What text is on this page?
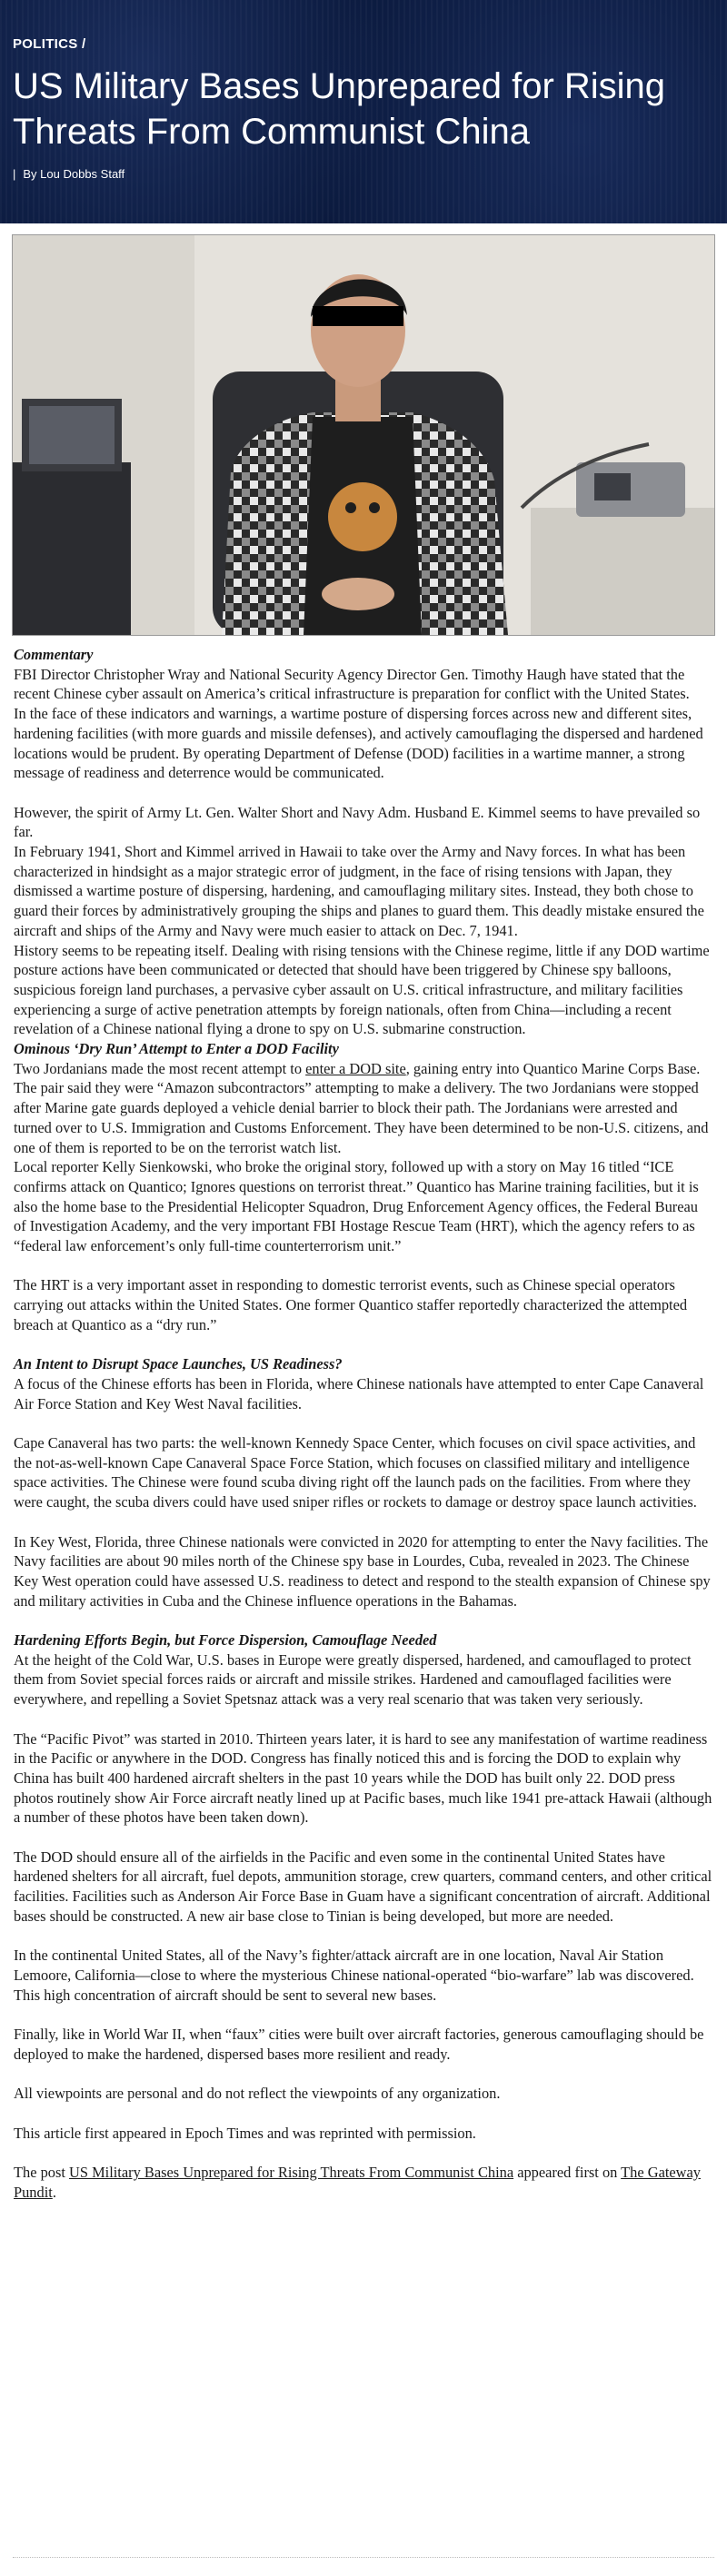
POLITICS /
US Military Bases Unprepared for Rising Threats From Communist China
| By Lou Dobbs Staff

Commentary

FBI Director Christopher Wray and National Security Agency Director Gen. Timothy Haugh have stated that the recent Chinese cyber assault on America’s critical infrastructure is preparation for conflict with the United States.

In the face of these indicators and warnings, a wartime posture of dispersing forces across new and different sites, hardening facilities (with more guards and missile defenses), and actively camouflaging the dispersed and hardened locations would be prudent. By operating Department of Defense (DOD) facilities in a wartime manner, a strong message of readiness and deterrence would be communicated.

However, the spirit of Army Lt. Gen. Walter Short and Navy Adm. Husband E. Kimmel seems to have prevailed so far.

In February 1941, Short and Kimmel arrived in Hawaii to take over the Army and Navy forces. In what has been characterized in hindsight as a major strategic error of judgment, in the face of rising tensions with Japan, they dismissed a wartime posture of dispersing, hardening, and camouflaging military sites. Instead, they both chose to guard their forces by administratively grouping the ships and planes to guard them. This deadly mistake ensured the aircraft and ships of the Army and Navy were much easier to attack on Dec. 7, 1941.

History seems to be repeating itself. Dealing with rising tensions with the Chinese regime, little if any DOD wartime posture actions have been communicated or detected that should have been triggered by Chinese spy balloons, suspicious foreign land purchases, a pervasive cyber assault on U.S. critical infrastructure, and military facilities experiencing a surge of active penetration attempts by foreign nationals, often from China—including a recent revelation of a Chinese national flying a drone to spy on U.S. submarine construction.

Ominous ‘Dry Run’ Attempt to Enter a DOD Facility

Two Jordanians made the most recent attempt to enter a DOD site, gaining entry into Quantico Marine Corps Base. The pair said they were “Amazon subcontractors” attempting to make a delivery. The two Jordanians were stopped after Marine gate guards deployed a vehicle denial barrier to block their path. The Jordanians were arrested and turned over to U.S. Immigration and Customs Enforcement. They have been determined to be non-U.S. citizens, and one of them is reported to be on the terrorist watch list.

Local reporter Kelly Sienkowski, who broke the original story, followed up with a story on May 16 titled “ICE confirms attack on Quantico; Ignores questions on terrorist threat.” Quantico has Marine training facilities, but it is also the home base to the Presidential Helicopter Squadron, Drug Enforcement Agency offices, the Federal Bureau of Investigation Academy, and the very important FBI Hostage Rescue Team (HRT), which the agency refers to as “federal law enforcement’s only full-time counterterrorism unit.”

The HRT is a very important asset in responding to domestic terrorist events, such as Chinese special operators carrying out attacks within the United States. One former Quantico staffer reportedly characterized the attempted breach at Quantico as a “dry run.”

An Intent to Disrupt Space Launches, US Readiness?

A focus of the Chinese efforts has been in Florida, where Chinese nationals have attempted to enter Cape Canaveral Air Force Station and Key West Naval facilities.

Cape Canaveral has two parts: the well-known Kennedy Space Center, which focuses on civil space activities, and the not-as-well-known Cape Canaveral Space Force Station, which focuses on classified military and intelligence space activities. The Chinese were found scuba diving right off the launch pads on the facilities. From where they were caught, the scuba divers could have used sniper rifles or rockets to damage or destroy space launch activities.

In Key West, Florida, three Chinese nationals were convicted in 2020 for attempting to enter the Navy facilities. The Navy facilities are about 90 miles north of the Chinese spy base in Lourdes, Cuba, revealed in 2023. The Chinese Key West operation could have assessed U.S. readiness to detect and respond to the stealth expansion of Chinese spy and military activities in Cuba and the Chinese influence operations in the Bahamas.

Hardening Efforts Begin, but Force Dispersion, Camouflage Needed

At the height of the Cold War, U.S. bases in Europe were greatly dispersed, hardened, and camouflaged to protect them from Soviet special forces raids or aircraft and missile strikes. Hardened and camouflaged facilities were everywhere, and repelling a Soviet Spetsnaz attack was a very real scenario that was taken very seriously.

The “Pacific Pivot” was started in 2010. Thirteen years later, it is hard to see any manifestation of wartime readiness in the Pacific or anywhere in the DOD. Congress has finally noticed this and is forcing the DOD to explain why China has built 400 hardened aircraft shelters in the past 10 years while the DOD has built only 22. DOD press photos routinely show Air Force aircraft neatly lined up at Pacific bases, much like 1941 pre-attack Hawaii (although a number of these photos have been taken down).

The DOD should ensure all of the airfields in the Pacific and even some in the continental United States have hardened shelters for all aircraft, fuel depots, ammunition storage, crew quarters, command centers, and other critical facilities. Facilities such as Anderson Air Force Base in Guam have a significant concentration of aircraft. Additional bases should be constructed. A new air base close to Tinian is being developed, but more are needed.

In the continental United States, all of the Navy’s fighter/attack aircraft are in one location, Naval Air Station Lemoore, California—close to where the mysterious Chinese national-operated “bio-warfare” lab was discovered. This high concentration of aircraft should be sent to several new bases.

Finally, like in World War II, when “faux” cities were built over aircraft factories, generous camouflaging should be deployed to make the hardened, dispersed bases more resilient and ready.

All viewpoints are personal and do not reflect the viewpoints of any organization.

This article first appeared in Epoch Times and was reprinted with permission.

The post US Military Bases Unprepared for Rising Threats From Communist China appeared first on The Gateway Pundit.
